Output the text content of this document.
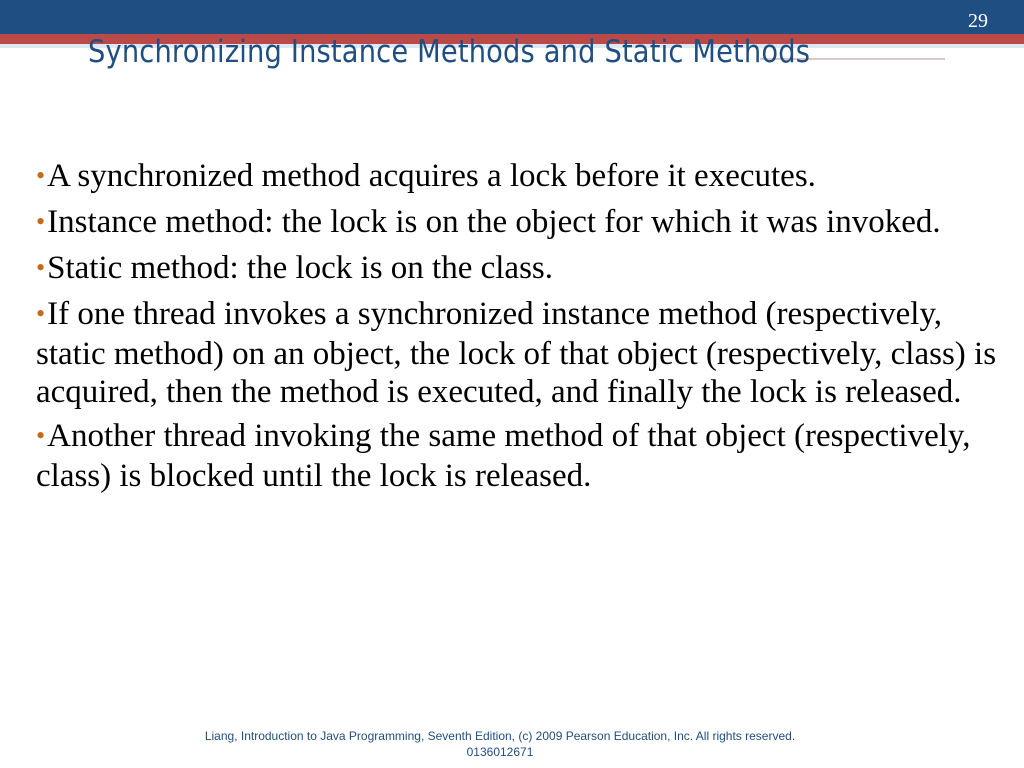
29
Synchronizing Instance Methods and Static Methods
•A synchronized method acquires a lock before it executes.
•Instance method: the lock is on the object for which it was invoked.
•Static method: the lock is on the class.
•If one thread invokes a synchronized instance method (respectively, static method) on an object, the lock of that object (respectively, class) is acquired, then the method is executed, and finally the lock is released.
•Another thread invoking the same method of that object (respectively, class) is blocked until the lock is released.
Liang, Introduction to Java Programming, Seventh Edition, (c) 2009 Pearson Education, Inc. All rights reserved. 0136012671
